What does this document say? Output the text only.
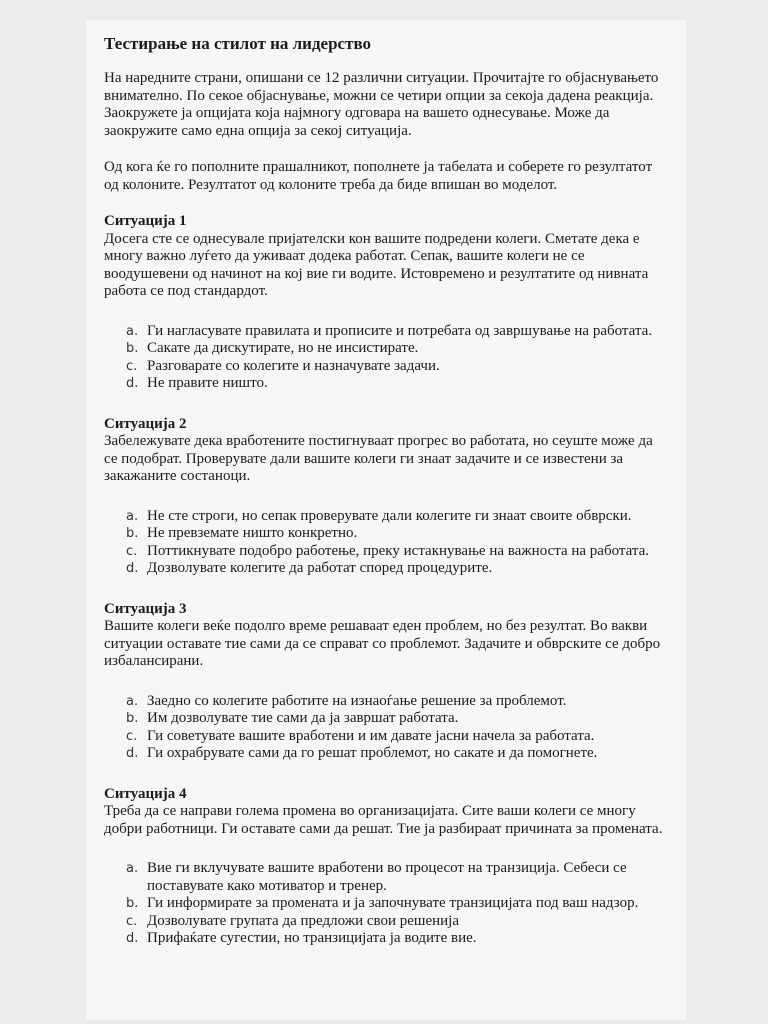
Тестирање на стилот на лидерство

На наредните страни, опишани се 12 различни ситуации. Прочитајте го објаснувањето внимателно. По секое објаснување, можни се четири опции за секоја дадена реакција. Заокружете ја опцијата која најмногу одговара на вашето однесување. Може да заокружите само една опција за секој ситуација.

Од кога ќе го пополните прашалникот, пополнете ја табелата и соберете го резултатот од колоните. Резултатот од колоните треба да биде впишан во моделот.

Ситуација 1

Досега сте се однесувале пријателски кон вашите подредени колеги. Сметате дека е многу важно луѓето да уживаат додека работат. Сепак, вашите колеги не се воодушевени од начинот на кој вие ги водите. Истовремено и резултатите од нивната работа се под стандардот.

a. Ги нагласувате правилата и прописите и потребата од завршување на работата.
b. Сакате да дискутирате, но не инсистирате.
c. Разговарате со колегите и назначувате задачи.
d. Не правите ништо.

Ситуација 2

Забележувате дека вработените постигнуваат прогрес во работата, но сеуште може да се подобрат. Проверувате дали вашите колеги ги знаат задачите и се известени за закажаните состаноци.

a. Не сте строги, но сепак проверувате дали колегите ги знаат своите обврски.
b. Не превземате ништо конкретно.
c. Поттикнувате подобро работење, преку истакнување на важноста на работата.
d. Дозволувате колегите да работат според процедурите.

Ситуација 3

Вашите колеги веќе подолго време решаваат еден проблем, но без резултат. Во вакви ситуации оставате тие сами да се справат со проблемот. Задачите и обврските се добро избалансирани.

a. Заедно со колегите работите на изнаоѓање решение за проблемот.
b. Им дозволувате тие сами да ја завршат работата.
c. Ги советувате вашите вработени и им давате јасни начела за работата.
d. Ги охрабрувате сами да го решат проблемот, но сакате и да помогнете.

Ситуација 4

Треба да се направи голема промена во организацијата. Сите ваши колеги се многу добри работници. Ги оставате сами да решат. Тие ја разбираат причината за промената.

a. Вие ги вклучувате вашите вработени во процесот на транзиција. Себеси се поставувате како мотиватор и тренер.
b. Ги информирате за промената и ја започнувате транзицијата под ваш надзор.
c. Дозволувате групата да предложи свои решенија
d. Прифаќате сугестии, но транзицијата ја водите вие.
